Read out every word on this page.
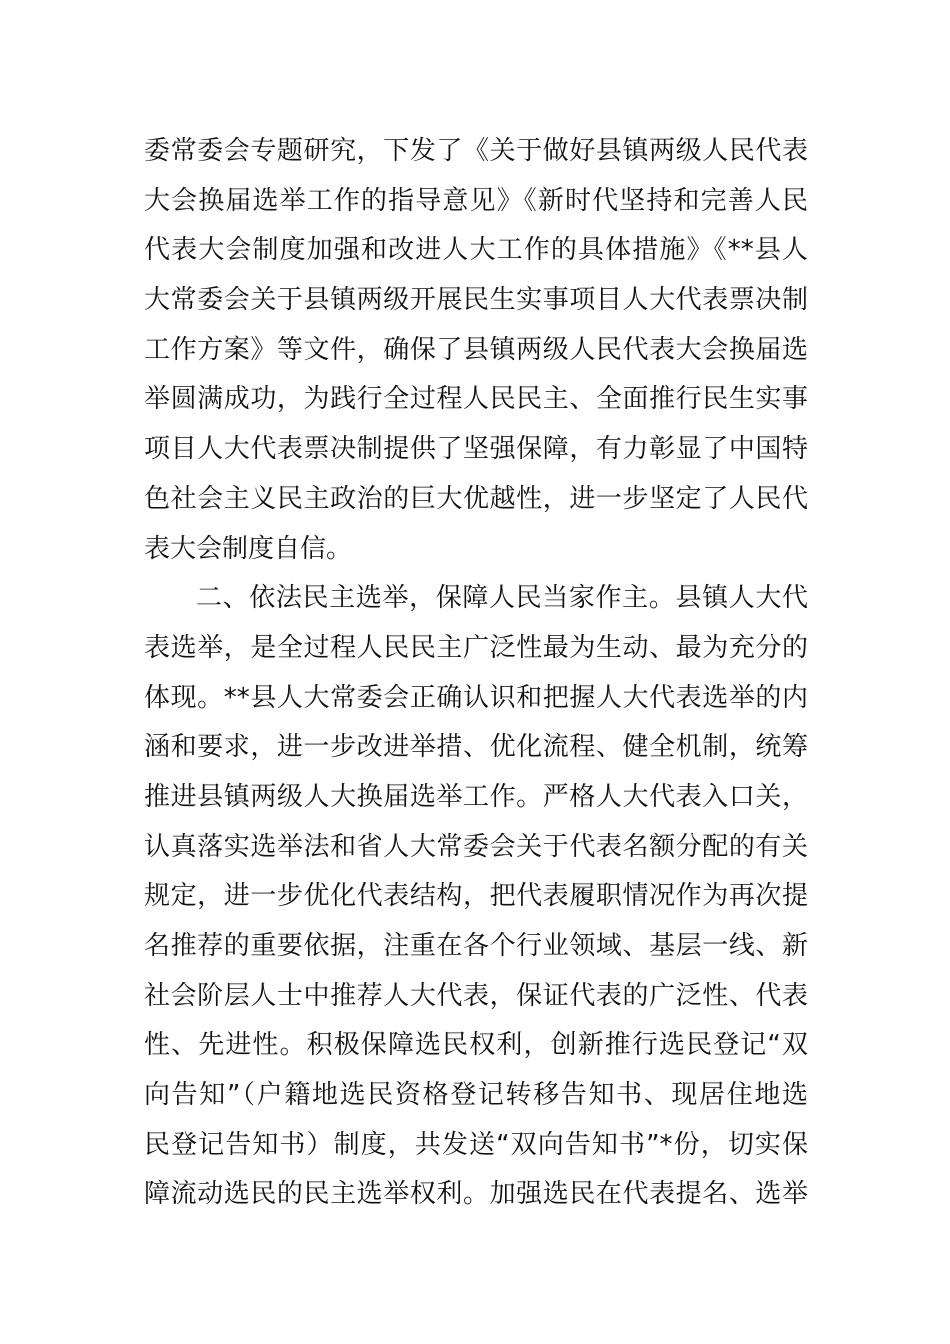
委常委会专题研究，下发了《关于做好县镇两级人民代表
大会换届选举工作的指导意见》《新时代坚持和完善人民
代表大会制度加强和改进人大工作的具体措施》《**县人
大常委会关于县镇两级开展民生实事项目人大代表票决制
工作方案》等文件，确保了县镇两级人民代表大会换届选
举圆满成功，为践行全过程人民民主、全面推行民生实事
项目人大代表票决制提供了坚强保障，有力彰显了中国特
色社会主义民主政治的巨大优越性，进一步坚定了人民代
表大会制度自信。
二、依法民主选举，保障人民当家作主。县镇人大代
表选举，是全过程人民民主广泛性最为生动、最为充分的
体现。**县人大常委会正确认识和把握人大代表选举的内
涵和要求，进一步改进举措、优化流程、健全机制，统筹
推进县镇两级人大换届选举工作。严格人大代表入口关，
认真落实选举法和省人大常委会关于代表名额分配的有关
规定，进一步优化代表结构，把代表履职情况作为再次提
名推荐的重要依据，注重在各个行业领域、基层一线、新
社会阶层人士中推荐人大代表，保证代表的广泛性、代表
性、先进性。积极保障选民权利，创新推行选民登记“双
向告知”（户籍地选民资格登记转移告知书、现居住地选
民登记告知书）制度，共发送“双向告知书”*份，切实保
障流动选民的民主选举权利。加强选民在代表提名、选举
